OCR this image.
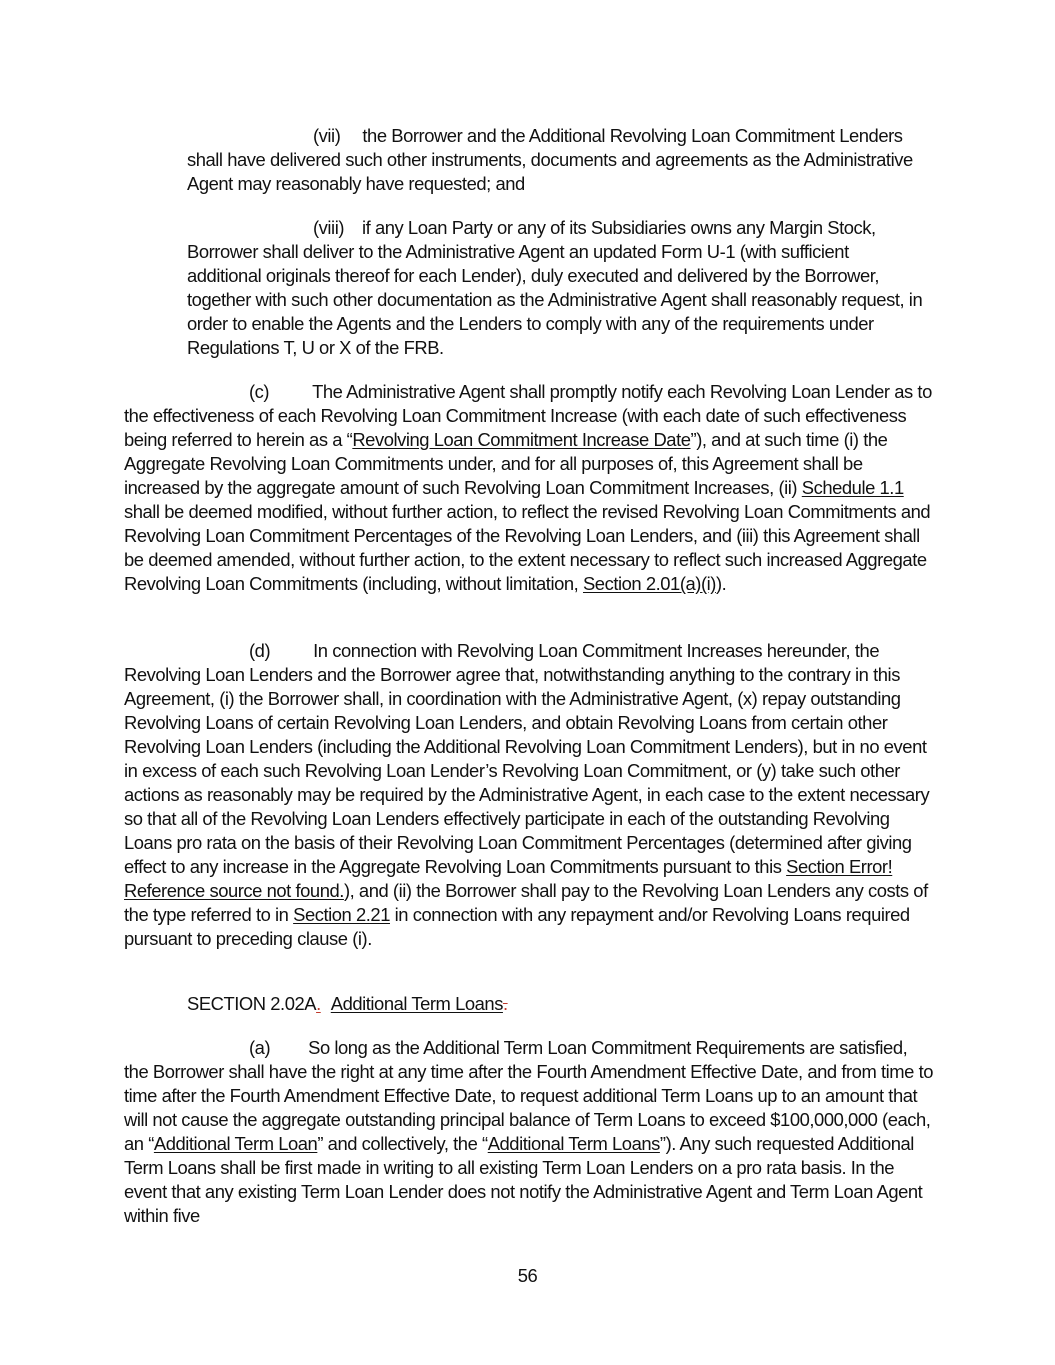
(vii) the Borrower and the Additional Revolving Loan Commitment Lenders shall have delivered such other instruments, documents and agreements as the Administrative Agent may reasonably have requested; and

(viii) if any Loan Party or any of its Subsidiaries owns any Margin Stock, Borrower shall deliver to the Administrative Agent an updated Form U-1 (with sufficient additional originals thereof for each Lender), duly executed and delivered by the Borrower, together with such other documentation as the Administrative Agent shall reasonably request, in order to enable the Agents and the Lenders to comply with any of the requirements under Regulations T, U or X of the FRB.

(c) The Administrative Agent shall promptly notify each Revolving Loan Lender as to the effectiveness of each Revolving Loan Commitment Increase (with each date of such effectiveness being referred to herein as a “Revolving Loan Commitment Increase Date”), and at such time (i) the Aggregate Revolving Loan Commitments under, and for all purposes of, this Agreement shall be increased by the aggregate amount of such Revolving Loan Commitment Increases, (ii) Schedule 1.1 shall be deemed modified, without further action, to reflect the revised Revolving Loan Commitments and Revolving Loan Commitment Percentages of the Revolving Loan Lenders, and (iii) this Agreement shall be deemed amended, without further action, to the extent necessary to reflect such increased Aggregate Revolving Loan Commitments (including, without limitation, Section 2.01(a)(i)).

(d) In connection with Revolving Loan Commitment Increases hereunder, the Revolving Loan Lenders and the Borrower agree that, notwithstanding anything to the contrary in this Agreement, (i) the Borrower shall, in coordination with the Administrative Agent, (x) repay outstanding Revolving Loans of certain Revolving Loan Lenders, and obtain Revolving Loans from certain other Revolving Loan Lenders (including the Additional Revolving Loan Commitment Lenders), but in no event in excess of each such Revolving Loan Lender’s Revolving Loan Commitment, or (y) take such other actions as reasonably may be required by the Administrative Agent, in each case to the extent necessary so that all of the Revolving Loan Lenders effectively participate in each of the outstanding Revolving Loans pro rata on the basis of their Revolving Loan Commitment Percentages (determined after giving effect to any increase in the Aggregate Revolving Loan Commitments pursuant to this Section Error! Reference source not found.), and (ii) the Borrower shall pay to the Revolving Loan Lenders any costs of the type referred to in Section 2.21 in connection with any repayment and/or Revolving Loans required pursuant to preceding clause (i).

SECTION 2.02A. Additional Term Loans.

(a) So long as the Additional Term Loan Commitment Requirements are satisfied, the Borrower shall have the right at any time after the Fourth Amendment Effective Date, and from time to time after the Fourth Amendment Effective Date, to request additional Term Loans up to an amount that will not cause the aggregate outstanding principal balance of Term Loans to exceed $100,000,000 (each, an “Additional Term Loan” and collectively, the “Additional Term Loans”). Any such requested Additional Term Loans shall be first made in writing to all existing Term Loan Lenders on a pro rata basis. In the event that any existing Term Loan Lender does not notify the Administrative Agent and Term Loan Agent within five

56
